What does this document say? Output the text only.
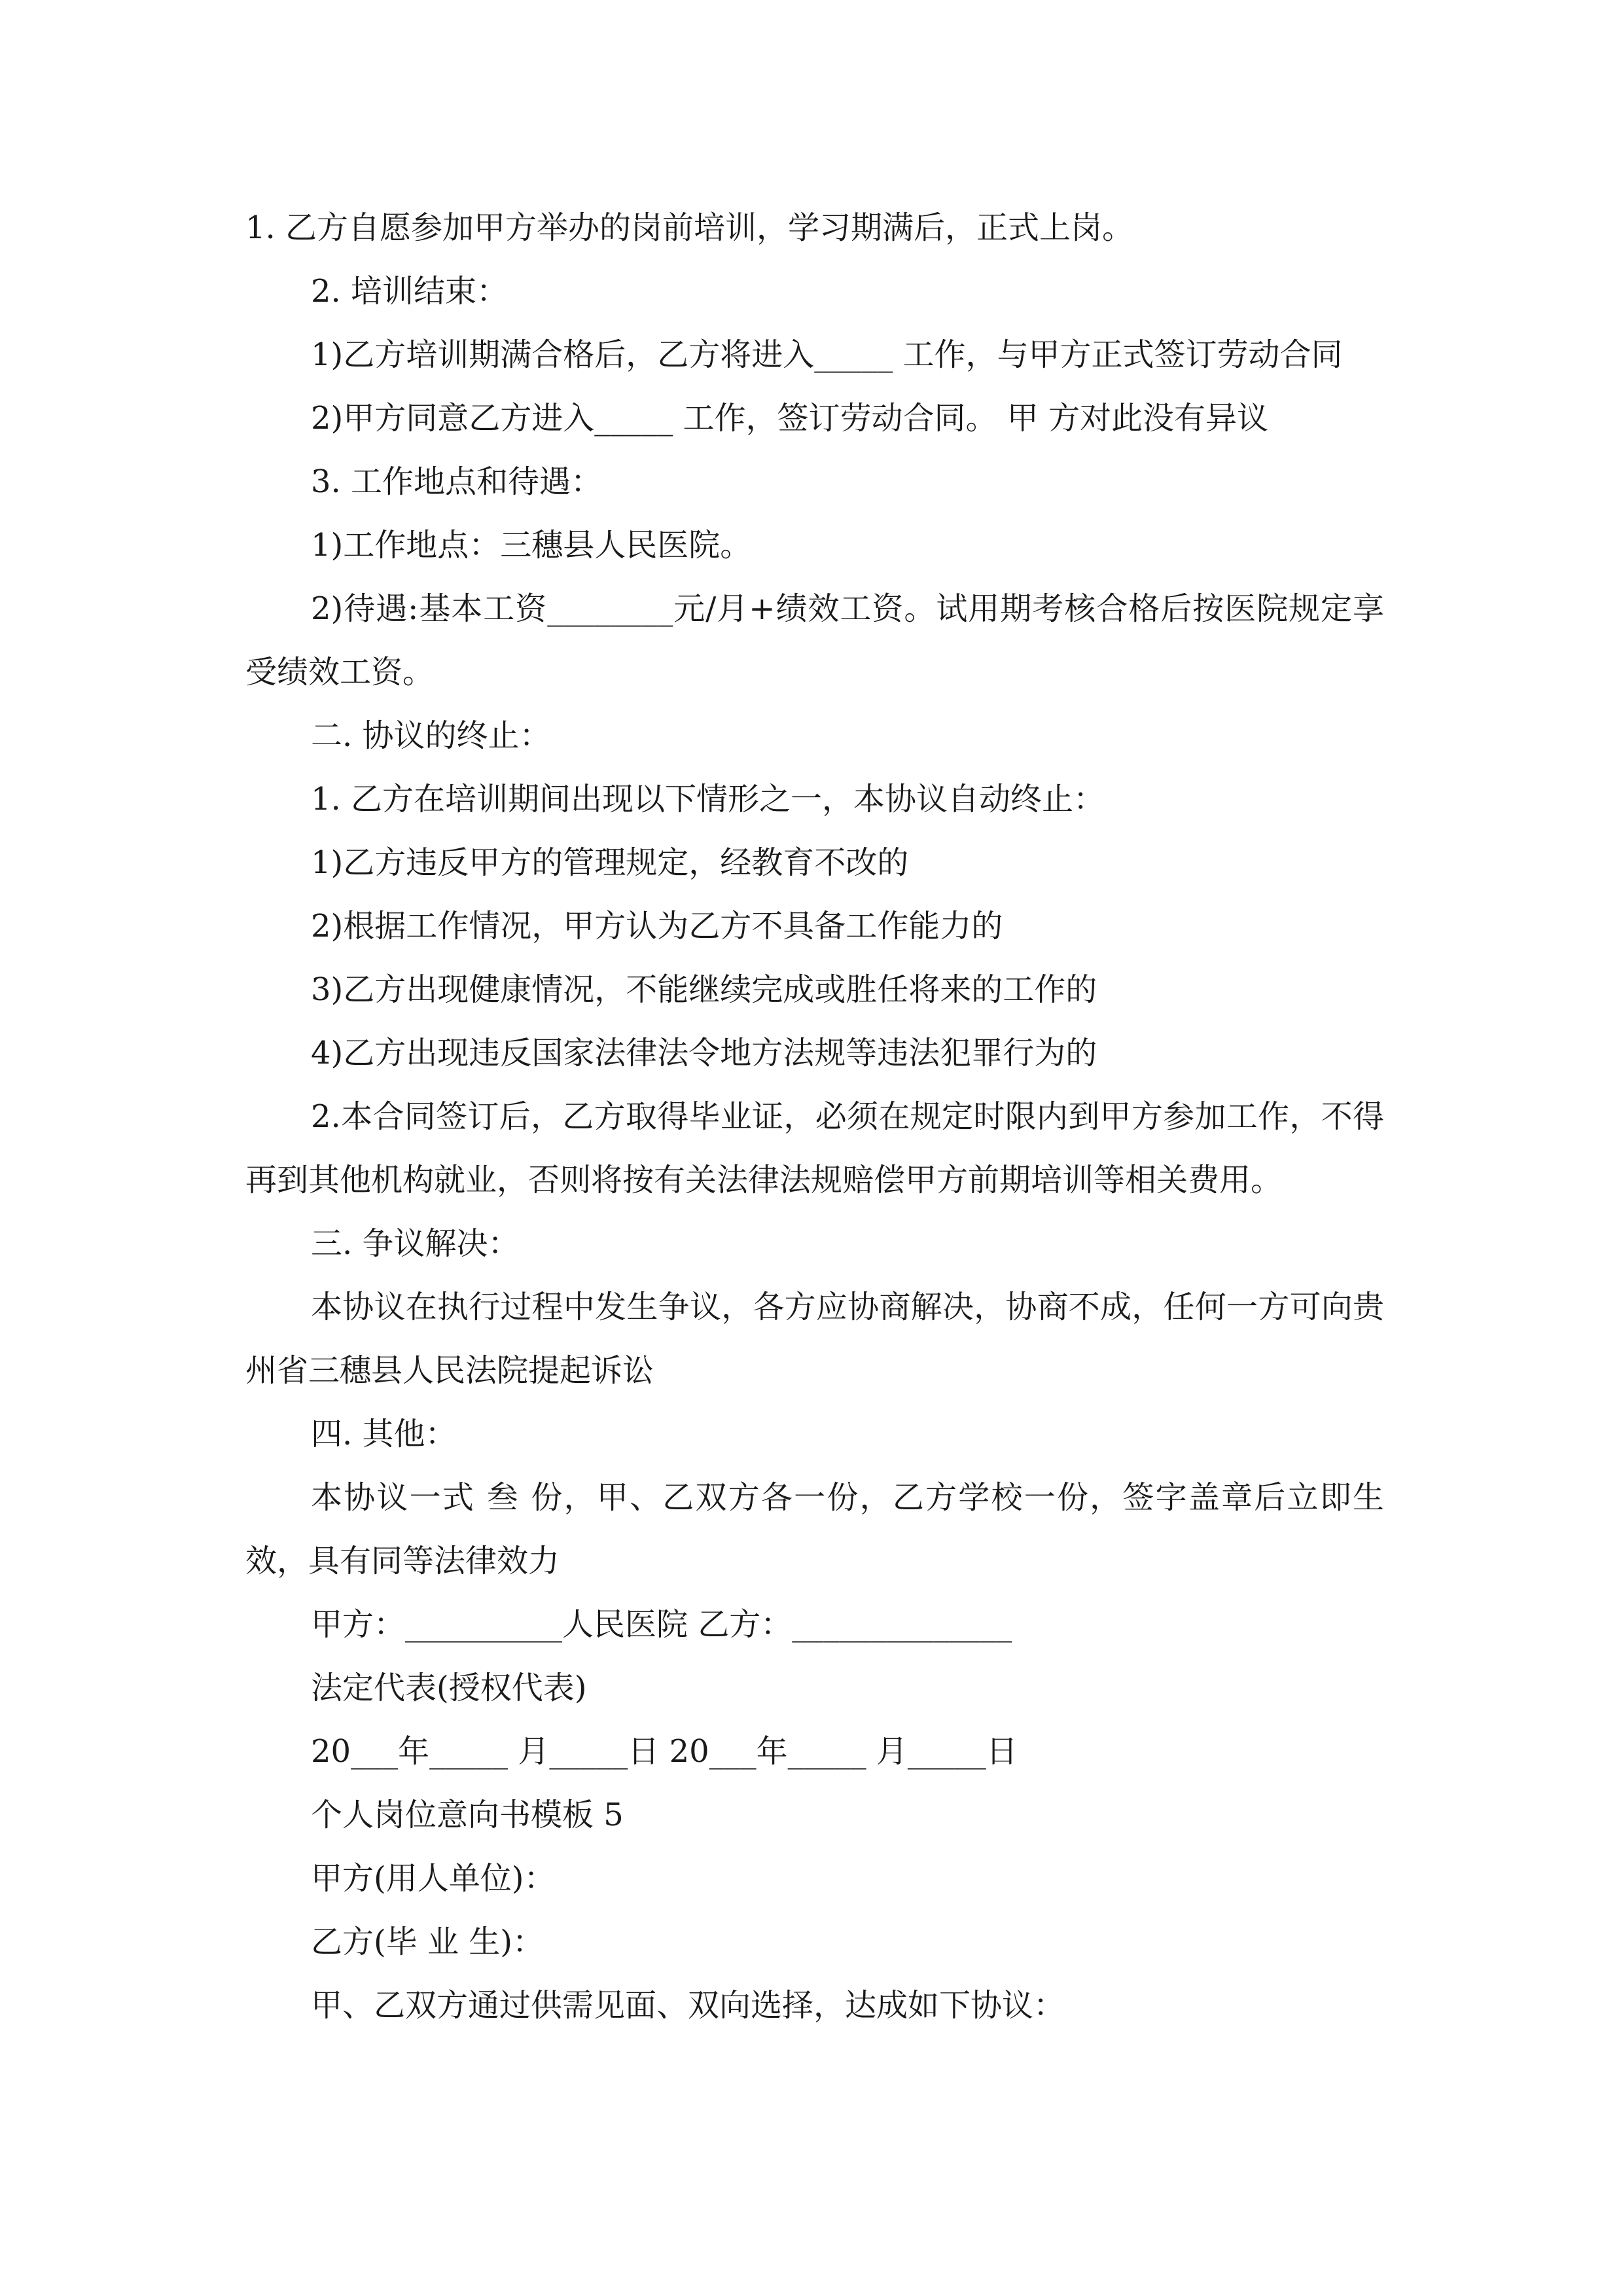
1. 乙方自愿参加甲方举办的岗前培训，学习期满后，正式上岗。

2. 培训结束：

1)乙方培训期满合格后，乙方将进入_____ 工作，与甲方正式签订劳动合同

2)甲方同意乙方进入_____ 工作，签订劳动合同。 甲 方对此没有异议

3. 工作地点和待遇：

1)工作地点：三穗县人民医院。

2)待遇:基本工资________元/月+绩效工资。试用期考核合格后按医院规定享受绩效工资。

二. 协议的终止：

1. 乙方在培训期间出现以下情形之一，本协议自动终止：

1)乙方违反甲方的管理规定，经教育不改的

2)根据工作情况，甲方认为乙方不具备工作能力的

3)乙方出现健康情况，不能继续完成或胜任将来的工作的

4)乙方出现违反国家法律法令地方法规等违法犯罪行为的

2.本合同签订后，乙方取得毕业证，必须在规定时限内到甲方参加工作，不得再到其他机构就业，否则将按有关法律法规赔偿甲方前期培训等相关费用。

三. 争议解决：

本协议在执行过程中发生争议，各方应协商解决，协商不成，任何一方可向贵州省三穗县人民法院提起诉讼

四. 其他：

本协议一式 叁 份，甲、乙双方各一份，乙方学校一份，签字盖章后立即生效，具有同等法律效力

甲方：__________人民医院 乙方：______________

法定代表(授权代表)

20___年_____ 月_____日 20___年_____ 月_____日

个人岗位意向书模板 5

甲方(用人单位)：

乙方(毕 业 生)：

甲、乙双方通过供需见面、双向选择，达成如下协议：
